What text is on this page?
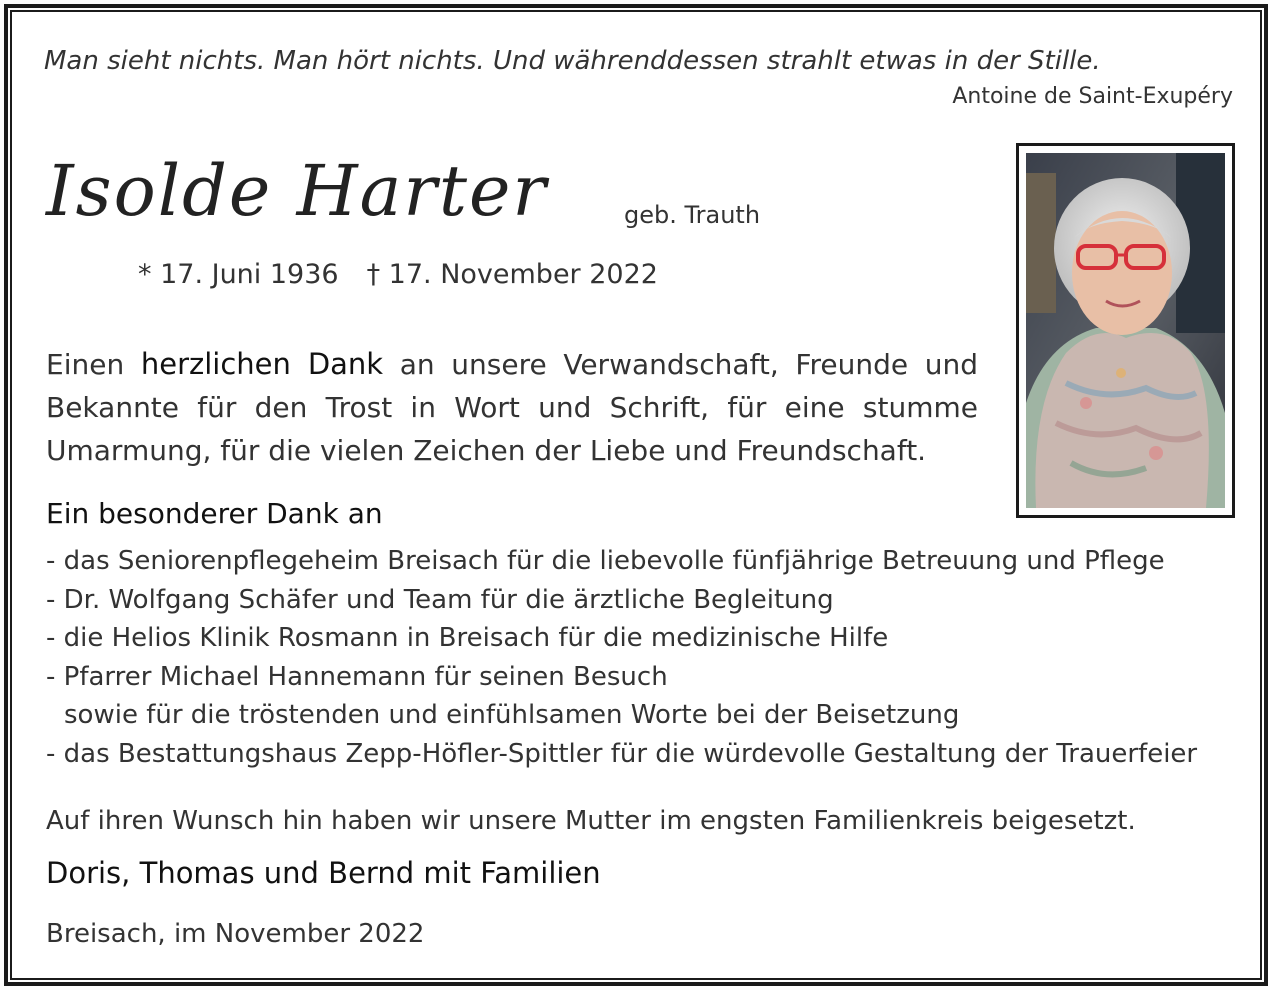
Man sieht nichts. Man hört nichts. Und währenddessen strahlt etwas in der Stille.
Antoine de Saint-Exupéry
Isolde Harter	geb. Trauth
* 17. Juni 1936 † 17. November 2022
Einen herzlichen Dank an unsere Verwandschaft, Freunde und Bekannte für den Trost in Wort und Schrift, für eine stumme Umarmung, für die vielen Zeichen der Liebe und Freundschaft.
Ein besonderer Dank an
- das Seniorenpflegeheim Breisach für die liebevolle fünfjährige Betreuung und Pflege
- Dr. Wolfgang Schäfer und Team für die ärztliche Begleitung
- die Helios Klinik Rosmann in Breisach für die medizinische Hilfe
- Pfarrer Michael Hannemann für seinen Besuch
sowie für die tröstenden und einfühlsamen Worte bei der Beisetzung
- das Bestattungshaus Zepp-Höfler-Spittler für die würdevolle Gestaltung der Trauerfeier
Auf ihren Wunsch hin haben wir unsere Mutter im engsten Familienkreis beigesetzt.
Doris, Thomas und Bernd mit Familien
Breisach, im November 2022
